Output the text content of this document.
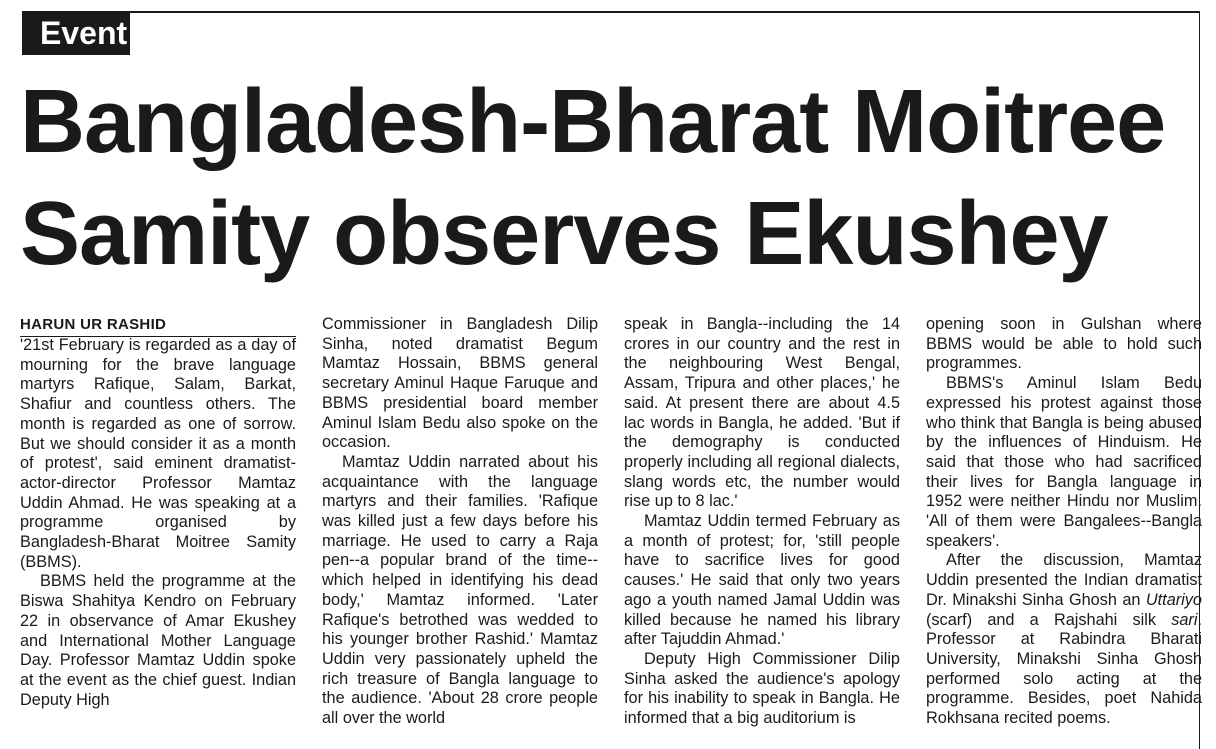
Event
Bangladesh-Bharat Moitree
Samity observes Ekushey
HARUN UR RASHID

'21st February is regarded as a day of mourning for the brave language martyrs Rafique, Salam, Barkat, Shafiur and countless others. The month is regarded as one of sorrow. But we should consider it as a month of protest', said eminent dramatist-actor-director Professor Mamtaz Uddin Ahmad. He was speaking at a programme organised by Bangladesh-Bharat Moitree Samity (BBMS).

BBMS held the programme at the Biswa Shahitya Kendro on February 22 in observance of Amar Ekushey and International Mother Language Day. Professor Mamtaz Uddin spoke at the event as the chief guest. Indian Deputy High

Commissioner in Bangladesh Dilip Sinha, noted dramatist Begum Mamtaz Hossain, BBMS general secretary Aminul Haque Faruque and BBMS presidential board member Aminul Islam Bedu also spoke on the occasion.

Mamtaz Uddin narrated about his acquaintance with the language martyrs and their families. 'Rafique was killed just a few days before his marriage. He used to carry a Raja pen--a popular brand of the time--which helped in identifying his dead body,' Mamtaz informed. 'Later Rafique's betrothed was wedded to his younger brother Rashid.' Mamtaz Uddin very passionately upheld the rich treasure of Bangla language to the audience. 'About 28 crore people all over the world

speak in Bangla--including the 14 crores in our country and the rest in the neighbouring West Bengal, Assam, Tripura and other places,' he said. At present there are about 4.5 lac words in Bangla, he added. 'But if the demography is conducted properly including all regional dialects, slang words etc, the number would rise up to 8 lac.'

Mamtaz Uddin termed February as a month of protest; for, 'still people have to sacrifice lives for good causes.' He said that only two years ago a youth named Jamal Uddin was killed because he named his library after Tajuddin Ahmad.'

Deputy High Commissioner Dilip Sinha asked the audience's apology for his inability to speak in Bangla. He informed that a big auditorium is

opening soon in Gulshan where BBMS would be able to hold such programmes.

BBMS's Aminul Islam Bedu expressed his protest against those who think that Bangla is being abused by the influences of Hinduism. He said that those who had sacrificed their lives for Bangla language in 1952 were neither Hindu nor Muslim. 'All of them were Bangalees--Bangla speakers'.

After the discussion, Mamtaz Uddin presented the Indian dramatist Dr. Minakshi Sinha Ghosh an Uttariyo (scarf) and a Rajshahi silk sari. Professor at Rabindra Bharati University, Minakshi Sinha Ghosh performed solo acting at the programme. Besides, poet Nahida Rokhsana recited poems.
